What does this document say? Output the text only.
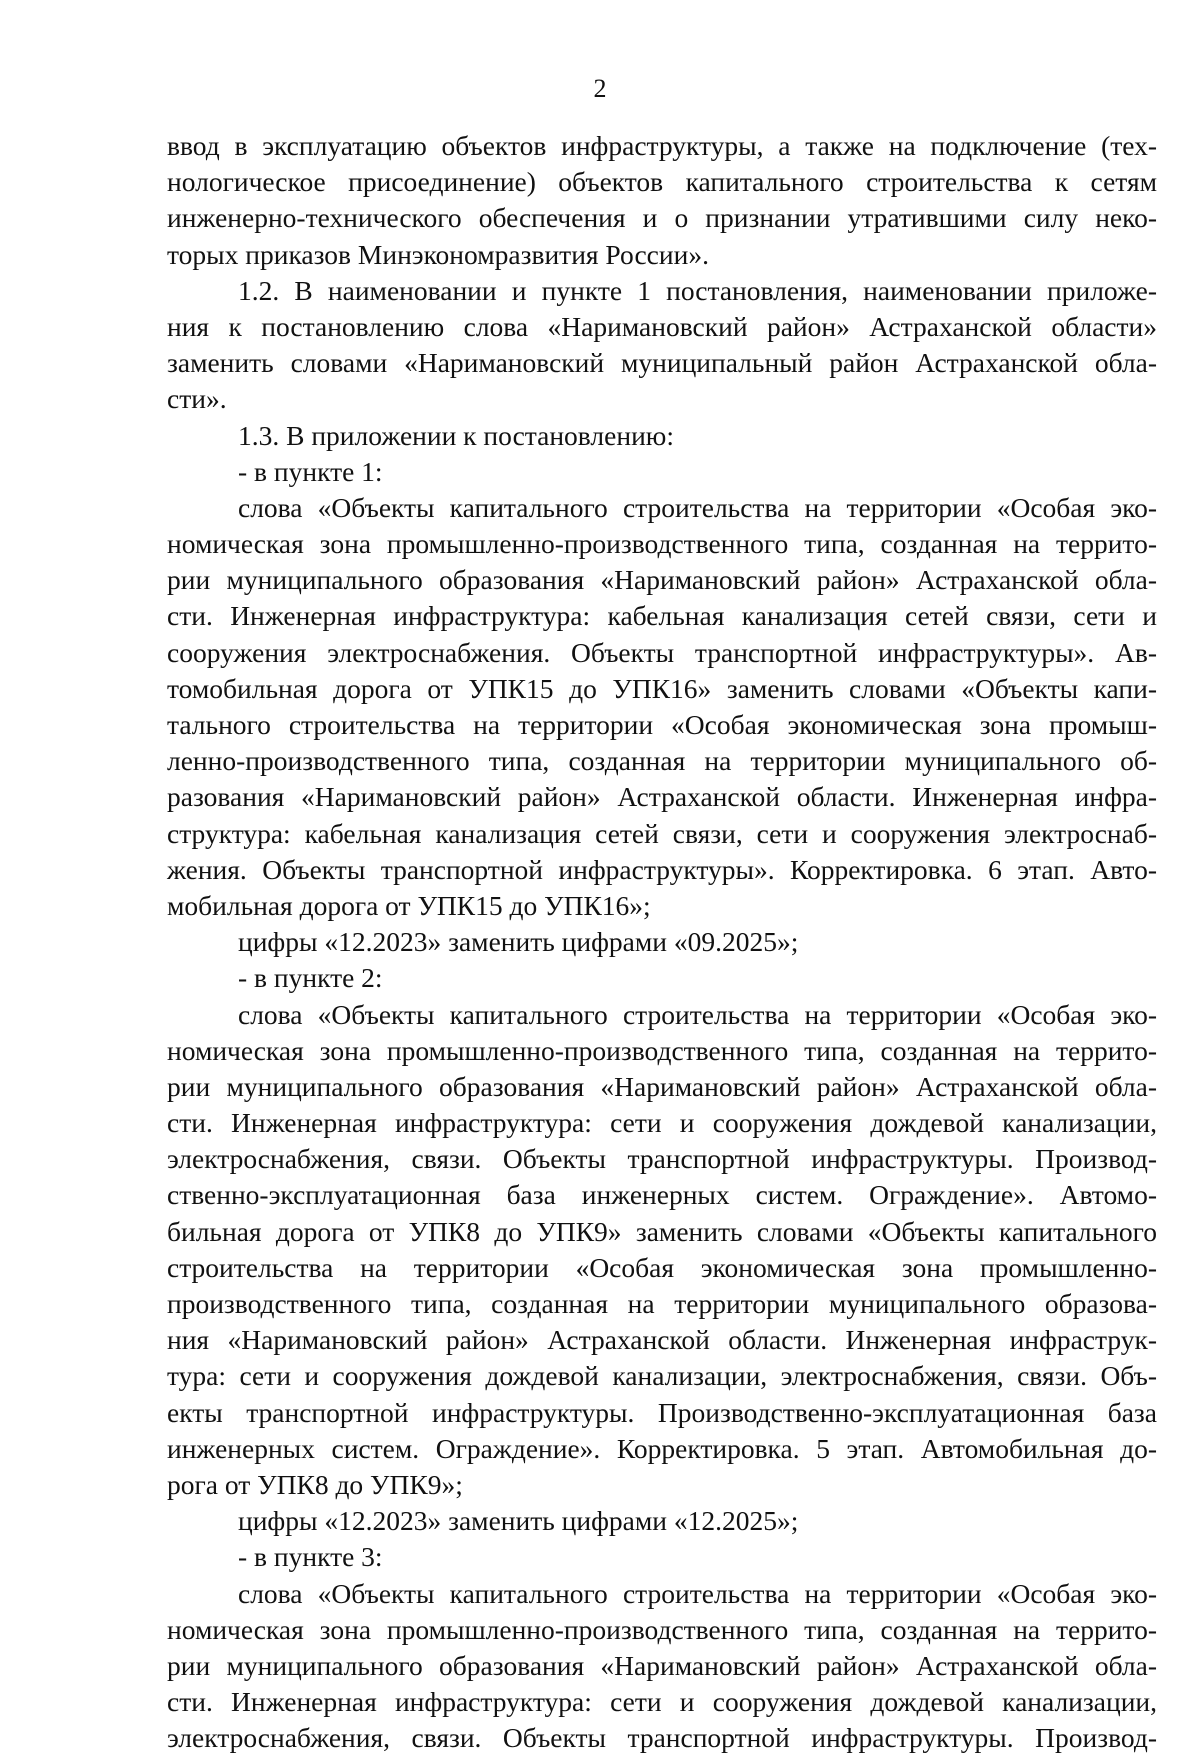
2
ввод в эксплуатацию объектов инфраструктуры, а также на подключение (тех-
нологическое присоединение) объектов капитального строительства к сетям
инженерно-технического обеспечения и о признании утратившими силу неко-
торых приказов Минэкономразвития России».
1.2. В наименовании и пункте 1 постановления, наименовании приложе-
ния к постановлению слова «Наримановский район» Астраханской области»
заменить словами «Наримановский муниципальный район Астраханской обла-
сти».
1.3. В приложении к постановлению:
- в пункте 1:
слова «Объекты капитального строительства на территории «Особая эко-
номическая зона промышленно-производственного типа, созданная на террито-
рии муниципального образования «Наримановский район» Астраханской обла-
сти. Инженерная инфраструктура: кабельная канализация сетей связи, сети и
сооружения электроснабжения. Объекты транспортной инфраструктуры». Ав-
томобильная дорога от УПК15 до УПК16» заменить словами «Объекты капи-
тального строительства на территории «Особая экономическая зона промыш-
ленно-производственного типа, созданная на территории муниципального об-
разования «Наримановский район» Астраханской области. Инженерная инфра-
структура: кабельная канализация сетей связи, сети и сооружения электроснаб-
жения. Объекты транспортной инфраструктуры». Корректировка. 6 этап. Авто-
мобильная дорога от УПК15 до УПК16»;
цифры «12.2023» заменить цифрами «09.2025»;
- в пункте 2:
слова «Объекты капитального строительства на территории «Особая эко-
номическая зона промышленно-производственного типа, созданная на террито-
рии муниципального образования «Наримановский район» Астраханской обла-
сти. Инженерная инфраструктура: сети и сооружения дождевой канализации,
электроснабжения, связи. Объекты транспортной инфраструктуры. Производ-
ственно-эксплуатационная база инженерных систем. Ограждение». Автомо-
бильная дорога от УПК8 до УПК9» заменить словами «Объекты капитального
строительства на территории «Особая экономическая зона промышленно-
производственного типа, созданная на территории муниципального образова-
ния «Наримановский район» Астраханской области. Инженерная инфраструк-
тура: сети и сооружения дождевой канализации, электроснабжения, связи. Объ-
екты транспортной инфраструктуры. Производственно-эксплуатационная база
инженерных систем. Ограждение». Корректировка. 5 этап. Автомобильная до-
рога от УПК8 до УПК9»;
цифры «12.2023» заменить цифрами «12.2025»;
- в пункте 3:
слова «Объекты капитального строительства на территории «Особая эко-
номическая зона промышленно-производственного типа, созданная на террито-
рии муниципального образования «Наримановский район» Астраханской обла-
сти. Инженерная инфраструктура: сети и сооружения дождевой канализации,
электроснабжения, связи. Объекты транспортной инфраструктуры. Производ-
